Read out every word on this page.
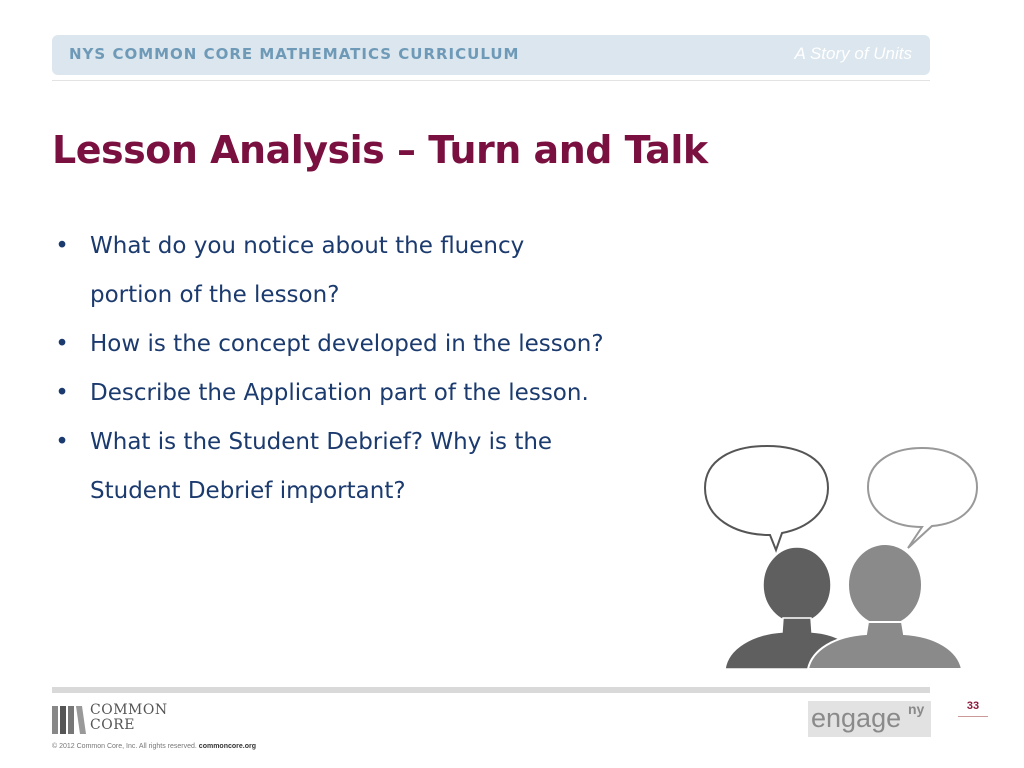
NYS COMMON CORE MATHEMATICS CURRICULUM	A Story of Units
Lesson Analysis – Turn and Talk
• What do you notice about the fluency
portion of the lesson?
• How is the concept developed in the lesson?
• Describe the Application part of the lesson.
• What is the Student Debrief? Why is the
Student Debrief important?
COMMON
CORE
© 2012 Common Core, Inc. All rights reserved. commoncore.org
engage ny	33
